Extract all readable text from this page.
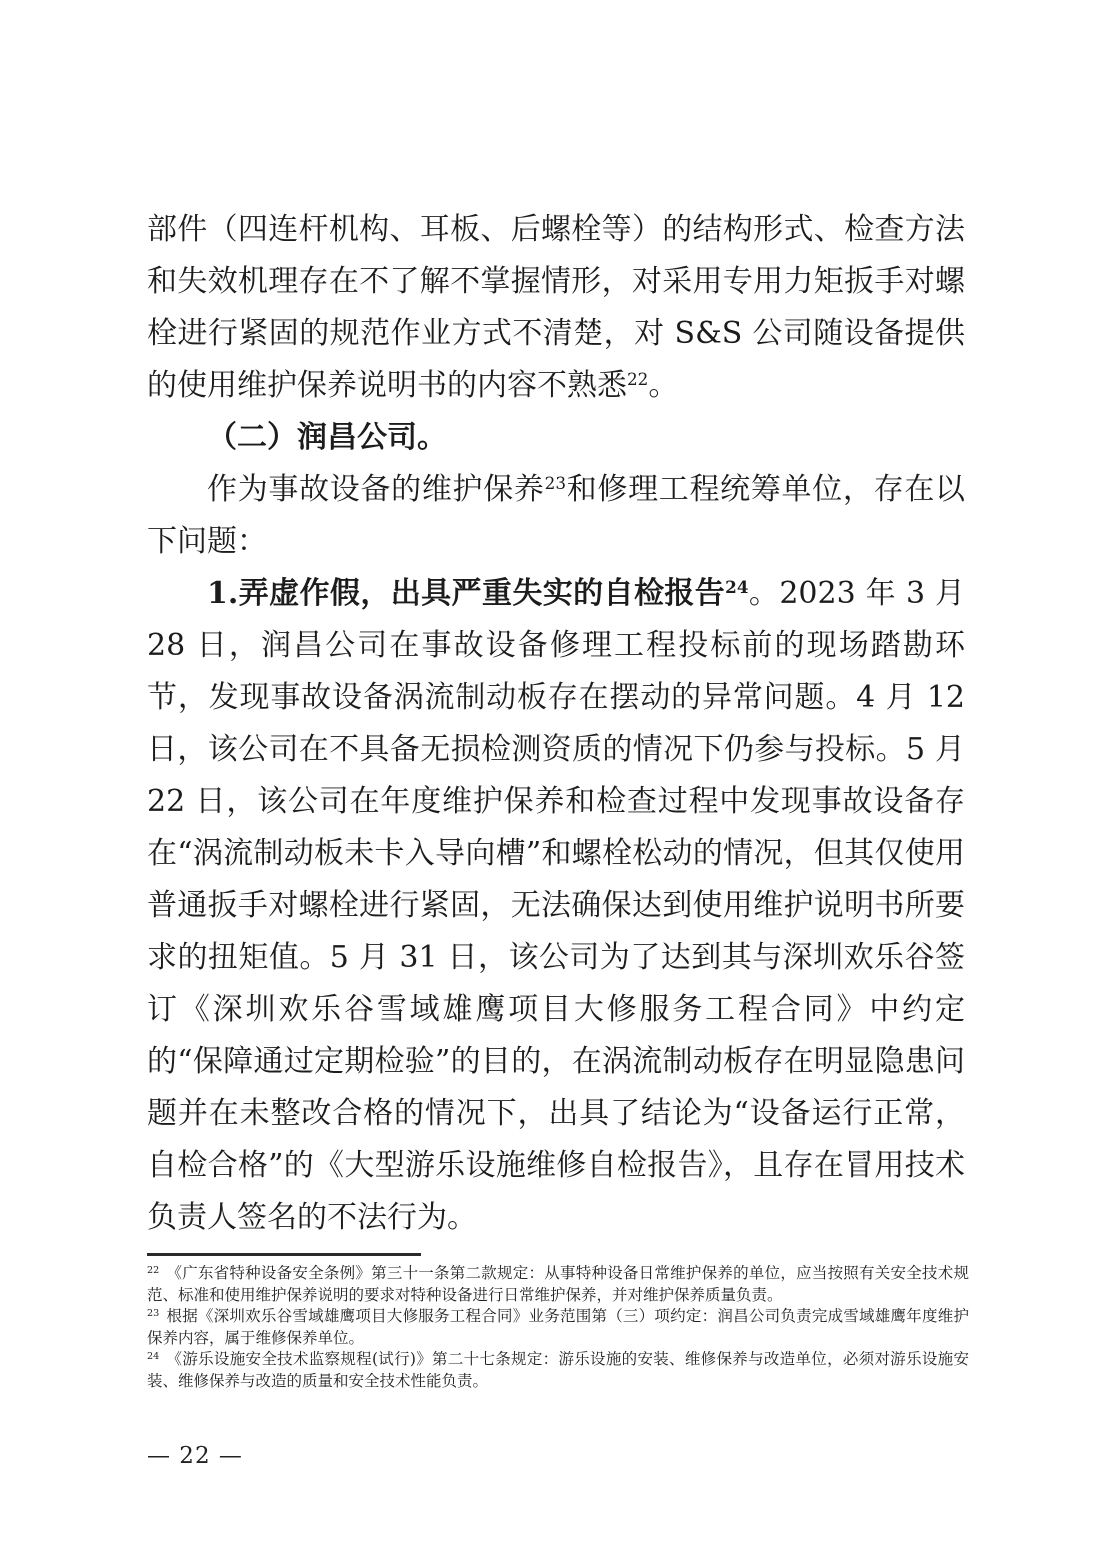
部件（四连杆机构、耳板、后螺栓等）的结构形式、检查方法和失效机理存在不了解不掌握情形，对采用专用力矩扳手对螺栓进行紧固的规范作业方式不清楚，对 S&S 公司随设备提供的使用维护保养说明书的内容不熟悉$^{22}$。

（二）润昌公司。

作为事故设备的维护保养$^{23}$和修理工程统筹单位，存在以下问题：

1.弄虚作假，出具严重失实的自检报告$^{24}$。2023 年 3 月 28 日，润昌公司在事故设备修理工程投标前的现场踏勘环节，发现事故设备涡流制动板存在摆动的异常问题。4 月 12 日，该公司在不具备无损检测资质的情况下仍参与投标。5 月 22 日，该公司在年度维护保养和检查过程中发现事故设备存在“涡流制动板未卡入导向槽”和螺栓松动的情况，但其仅使用普通扳手对螺栓进行紧固，无法确保达到使用维护说明书所要求的扭矩值。5 月 31 日，该公司为了达到其与深圳欢乐谷签订《深圳欢乐谷雪域雄鹰项目大修服务工程合同》中约定的“保障通过定期检验”的目的，在涡流制动板存在明显隐患问题并在未整改合格的情况下，出具了结论为“设备运行正常，自检合格”的《大型游乐设施维修自检报告》，且存在冒用技术负责人签名的不法行为。

$^{22}$ 《广东省特种设备安全条例》第三十一条第二款规定：从事特种设备日常维护保养的单位，应当按照有关安全技术规范、标准和使用维护保养说明的要求对特种设备进行日常维护保养，并对维护保养质量负责。
$^{23}$ 根据《深圳欢乐谷雪域雄鹰项目大修服务工程合同》业务范围第（三）项约定：润昌公司负责完成雪域雄鹰年度维护保养内容，属于维修保养单位。
$^{24}$ 《游乐设施安全技术监察规程(试行)》第二十七条规定：游乐设施的安装、维修保养与改造单位，必须对游乐设施安装、维修保养与改造的质量和安全技术性能负责。
— 22 —
